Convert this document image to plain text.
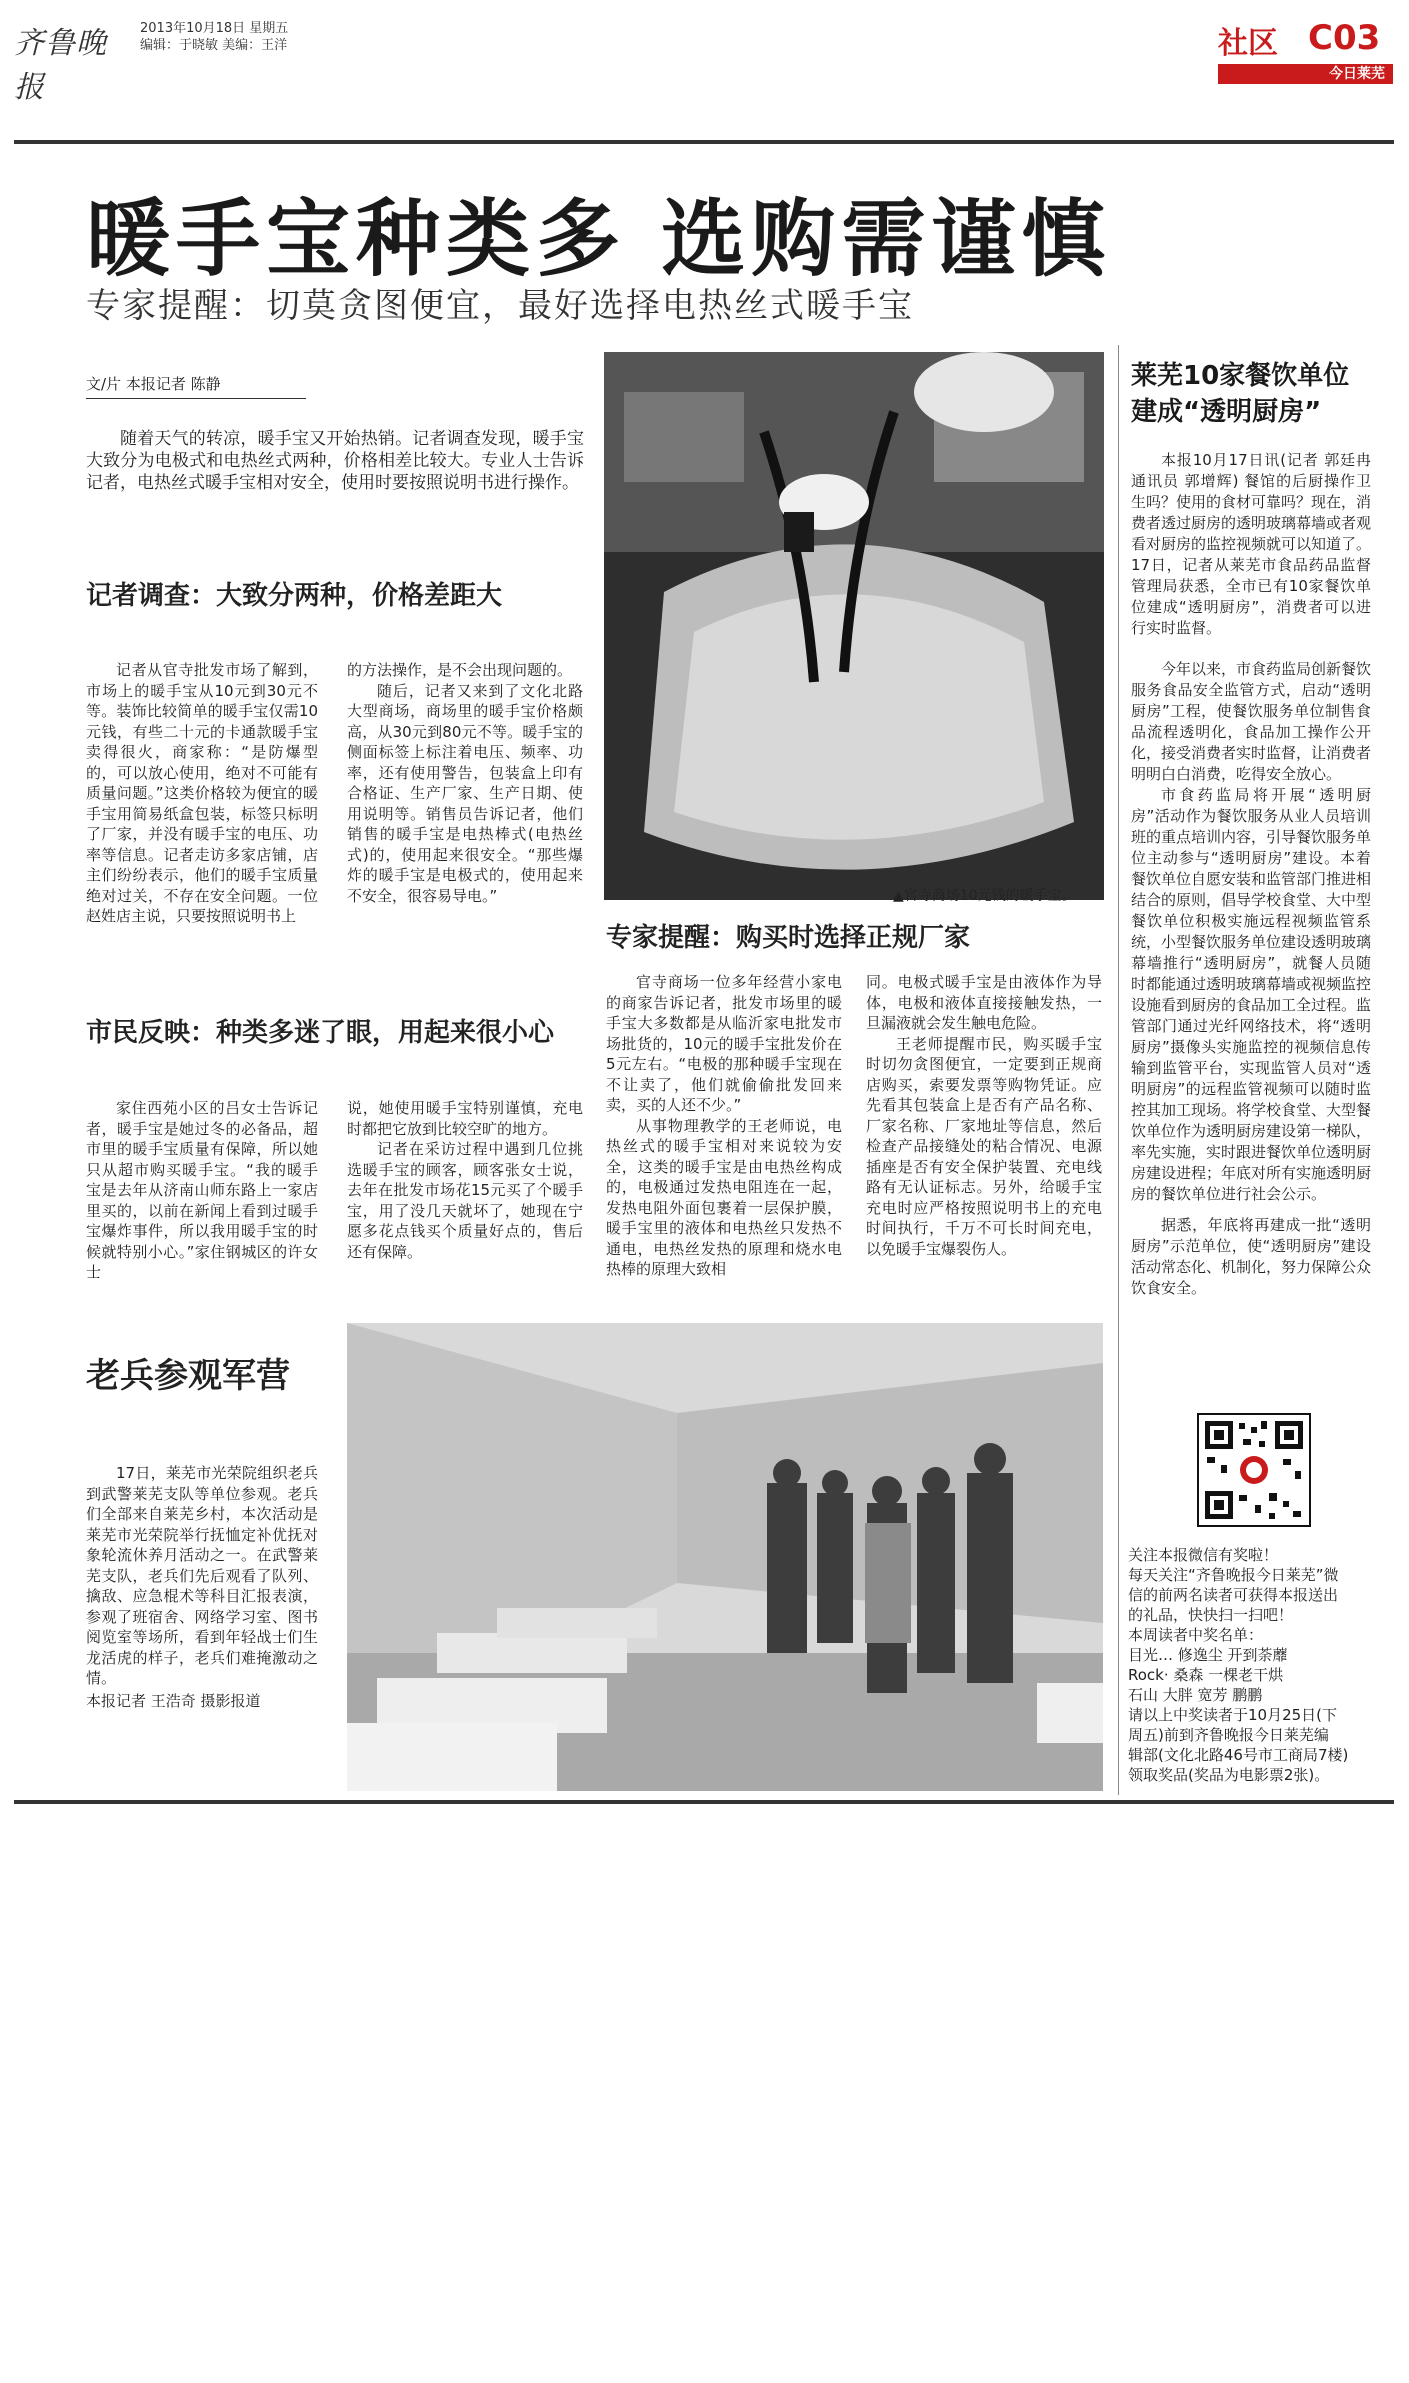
齐鲁晚报
2013年10月18日 星期五
编辑：于晓敏 美编：王洋	社区 C03
今日莱芜
暖手宝种类多 选购需谨慎
专家提醒：切莫贪图便宜，最好选择电热丝式暖手宝
文/片 本报记者 陈静
随着天气的转凉，暖手宝又开始热销。记者调查发现，暖手宝大致分为电极式和电热丝式两种，价格相差比较大。专业人士告诉记者，电热丝式暖手宝相对安全，使用时要按照说明书进行操作。
▲官寺商场10元钱的暖手宝。
记者调查：大致分两种，价格差距大

记者从官寺批发市场了解到，市场上的暖手宝从10元到30元不等。装饰比较简单的暖手宝仅需10元钱，有些二十元的卡通款暖手宝卖得很火，商家称：“是防爆型的，可以放心使用，绝对不可能有质量问题。”这类价格较为便宜的暖手宝用简易纸盒包装，标签只标明了厂家，并没有暖手宝的电压、功率等信息。记者走访多家店铺，店主们纷纷表示，他们的暖手宝质量绝对过关，不存在安全问题。一位赵姓店主说，只要按照说明书上

的方法操作，是不会出现问题的。

随后，记者又来到了文化北路大型商场，商场里的暖手宝价格颇高，从30元到80元不等。暖手宝的侧面标签上标注着电压、频率、功率，还有使用警告，包装盒上印有合格证、生产厂家、生产日期、使用说明等。销售员告诉记者，他们销售的暖手宝是电热棒式(电热丝式)的，使用起来很安全。“那些爆炸的暖手宝是电极式的，使用起来不安全，很容易导电。”

市民反映：种类多迷了眼，用起来很小心

家住西苑小区的吕女士告诉记者，暖手宝是她过冬的必备品，超市里的暖手宝质量有保障，所以她只从超市购买暖手宝。“我的暖手宝是去年从济南山师东路上一家店里买的，以前在新闻上看到过暖手宝爆炸事件，所以我用暖手宝的时候就特别小心。”家住钢城区的许女士

说，她使用暖手宝特别谨慎，充电时都把它放到比较空旷的地方。

记者在采访过程中遇到几位挑选暖手宝的顾客，顾客张女士说，去年在批发市场花15元买了个暖手宝，用了没几天就坏了，她现在宁愿多花点钱买个质量好点的，售后还有保障。

专家提醒：购买时选择正规厂家

官寺商场一位多年经营小家电的商家告诉记者，批发市场里的暖手宝大多数都是从临沂家电批发市场批货的，10元的暖手宝批发价在5元左右。“电极的那种暖手宝现在不让卖了，他们就偷偷批发回来卖，买的人还不少。”

从事物理教学的王老师说，电热丝式的暖手宝相对来说较为安全，这类的暖手宝是由电热丝构成的，电极通过发热电阻连在一起，发热电阻外面包裹着一层保护膜，暖手宝里的液体和电热丝只发热不通电，电热丝发热的原理和烧水电热棒的原理大致相

同。电极式暖手宝是由液体作为导体，电极和液体直接接触发热，一旦漏液就会发生触电危险。

王老师提醒市民，购买暖手宝时切勿贪图便宜，一定要到正规商店购买，索要发票等购物凭证。应先看其包装盒上是否有产品名称、厂家名称、厂家地址等信息，然后检查产品接缝处的粘合情况、电源插座是否有安全保护装置、充电线路有无认证标志。另外，给暖手宝充电时应严格按照说明书上的充电时间执行，千万不可长时间充电，以免暖手宝爆裂伤人。

老兵参观军营

17日，莱芜市光荣院组织老兵到武警莱芜支队等单位参观。老兵们全部来自莱芜乡村，本次活动是莱芜市光荣院举行抚恤定补优抚对象轮流休养月活动之一。在武警莱芜支队，老兵们先后观看了队列、擒敌、应急棍术等科目汇报表演，参观了班宿舍、网络学习室、图书阅览室等场所，看到年轻战士们生龙活虎的样子，老兵们难掩激动之情。

本报记者 王浩奇 摄影报道

莱芜10家餐饮单位建成“透明厨房”

本报10月17日讯(记者 郭廷冉 通讯员 郭增辉) 餐馆的后厨操作卫生吗？使用的食材可靠吗？现在，消费者透过厨房的透明玻璃幕墙或者观看对厨房的监控视频就可以知道了。17日，记者从莱芜市食品药品监督管理局获悉，全市已有10家餐饮单位建成“透明厨房”，消费者可以进行实时监督。

今年以来，市食药监局创新餐饮服务食品安全监管方式，启动“透明厨房”工程，使餐饮服务单位制售食品流程透明化，食品加工操作公开化，接受消费者实时监督，让消费者明明白白消费，吃得安全放心。

市食药监局将开展“透明厨房”活动作为餐饮服务从业人员培训班的重点培训内容，引导餐饮服务单位主动参与“透明厨房”建设。本着餐饮单位自愿安装和监管部门推进相结合的原则，倡导学校食堂、大中型餐饮单位积极实施远程视频监管系统，小型餐饮服务单位建设透明玻璃幕墙推行“透明厨房”，就餐人员随时都能通过透明玻璃幕墙或视频监控设施看到厨房的食品加工全过程。监管部门通过光纤网络技术，将“透明厨房”摄像头实施监控的视频信息传输到监管平台，实现监管人员对“透明厨房”的远程监管视频可以随时监控其加工现场。将学校食堂、大型餐饮单位作为透明厨房建设第一梯队，率先实施，实时跟进餐饮单位透明厨房建设进程；年底对所有实施透明厨房的餐饮单位进行社会公示。

据悉，年底将再建成一批“透明厨房”示范单位，使“透明厨房”建设活动常态化、机制化，努力保障公众饮食安全。

关注本报微信有奖啦！
每天关注“齐鲁晚报今日莱芜”微
信的前两名读者可获得本报送出
的礼品，快快扫一扫吧！
本周读者中奖名单：
目光… 修逸尘 开到荼蘼
Rock· 桑森 一棵老干烘
石山 大胖 宽芳 鹏鹏
请以上中奖读者于10月25日(下
周五)前到齐鲁晚报今日莱芜编
辑部(文化北路46号市工商局7楼)
领取奖品(奖品为电影票2张)。
